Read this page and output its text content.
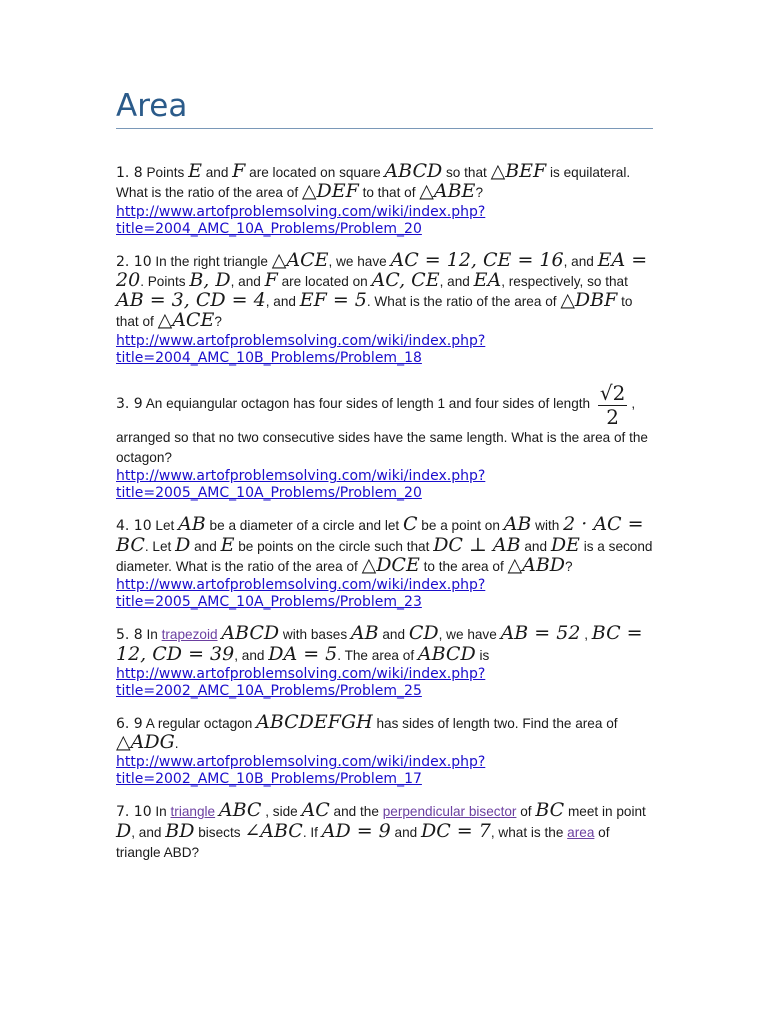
Area
1. 8 Points E and F are located on square ABCD so that △BEF is equilateral. What is the ratio of the area of △DEF to that of △ABE?
http://www.artofproblemsolving.com/wiki/index.php?
title=2004_AMC_10A_Problems/Problem_20
2. 10 In the right triangle △ACE, we have AC = 12, CE = 16, and EA = 20. Points B, D, and F are located on AC, CE, and EA, respectively, so that AB = 3, CD = 4, and EF = 5. What is the ratio of the area of △DBF to that of △ACE?
http://www.artofproblemsolving.com/wiki/index.php?
title=2004_AMC_10B_Problems/Problem_18
3. 9 An equiangular octagon has four sides of length 1 and four sides of length $\frac{√2}{2}$ , arranged so that no two consecutive sides have the same length. What is the area of the octagon?
http://www.artofproblemsolving.com/wiki/index.php?
title=2005_AMC_10A_Problems/Problem_20
4. 10 Let AB be a diameter of a circle and let C be a point on AB with 2 · AC = BC. Let D and E be points on the circle such that DC ⊥ AB and DE is a second diameter. What is the ratio of the area of △DCE to the area of △ABD?
http://www.artofproblemsolving.com/wiki/index.php?
title=2005_AMC_10A_Problems/Problem_23
5. 8 In trapezoid ABCD with bases AB and CD, we have AB = 52 , BC = 12, CD = 39, and DA = 5. The area of ABCD is
http://www.artofproblemsolving.com/wiki/index.php?
title=2002_AMC_10A_Problems/Problem_25
6. 9 A regular octagon ABCDEFGH has sides of length two. Find the area of △ADG.
http://www.artofproblemsolving.com/wiki/index.php?
title=2002_AMC_10B_Problems/Problem_17
7. 10 In triangle ABC , side AC and the perpendicular bisector of BC meet in point D, and BD bisects ∠ABC. If AD = 9 and DC = 7, what is the area of triangle ABD?
